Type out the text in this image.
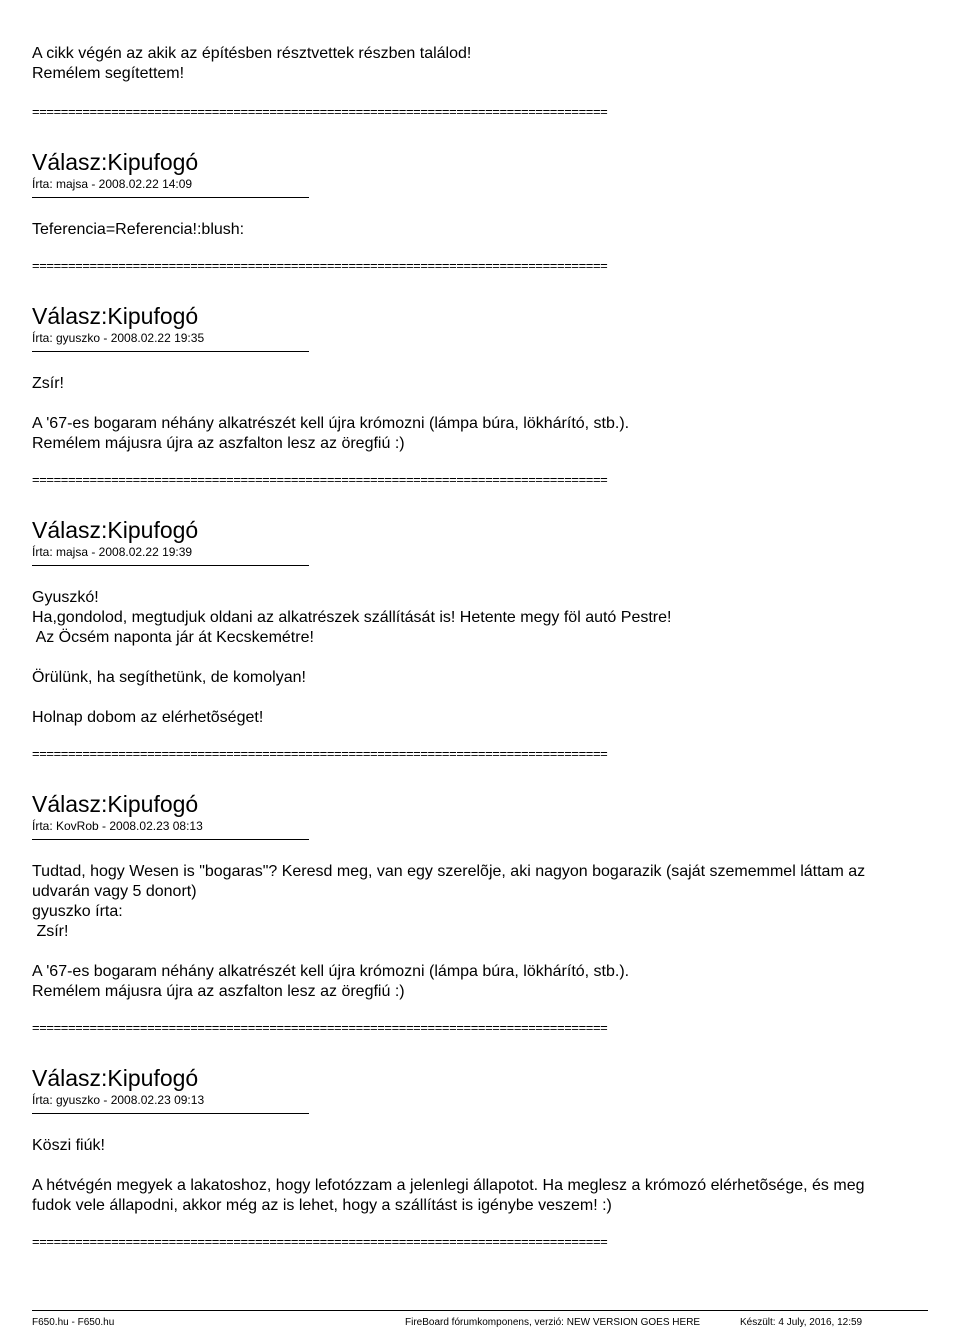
A cikk végén az akik az építésben résztvettek részben találod!

Remélem segítettem!

================================================================================

Válasz:Kipufogó

Írta: majsa - 2008.02.22 14:09

Teferencia=Referencia!:blush:

================================================================================

Válasz:Kipufogó

Írta: gyuszko - 2008.02.22 19:35

Zsír!

A '67-es bogaram néhány alkatrészét kell újra krómozni (lámpa búra, lökhárító, stb.).

Remélem májusra újra az aszfalton lesz az öregfiú :)

================================================================================

Válasz:Kipufogó

Írta: majsa - 2008.02.22 19:39

Gyuszkó!

Ha,gondolod, megtudjuk oldani az alkatrészek szállítását is! Hetente megy föl autó Pestre!

Az Öcsém naponta jár át Kecskemétre!

Örülünk, ha segíthetünk, de komolyan!

Holnap dobom az elérhetõséget!

================================================================================

Válasz:Kipufogó

Írta: KovRob - 2008.02.23 08:13

Tudtad, hogy Wesen is "bogaras"? Keresd meg, van egy szerelõje, aki nagyon bogarazik (saját szememmel láttam az

udvarán vagy 5 donort)

gyuszko írta:

Zsír!

A '67-es bogaram néhány alkatrészét kell újra krómozni (lámpa búra, lökhárító, stb.).

Remélem májusra újra az aszfalton lesz az öregfiú :)

================================================================================

Válasz:Kipufogó

Írta: gyuszko - 2008.02.23 09:13

Köszi fiúk!

A hétvégén megyek a lakatoshoz, hogy lefotózzam a jelenlegi állapotot. Ha meglesz a krómozó elérhetõsége, és meg

fudok vele állapodni, akkor még az is lehet, hogy a szállítást is igénybe veszem! :)

================================================================================

F650.hu - F650.hu	FireBoard fórumkomponens, verzió: NEW VERSION GOES HERE	Készült: 4 July, 2016, 12:59
